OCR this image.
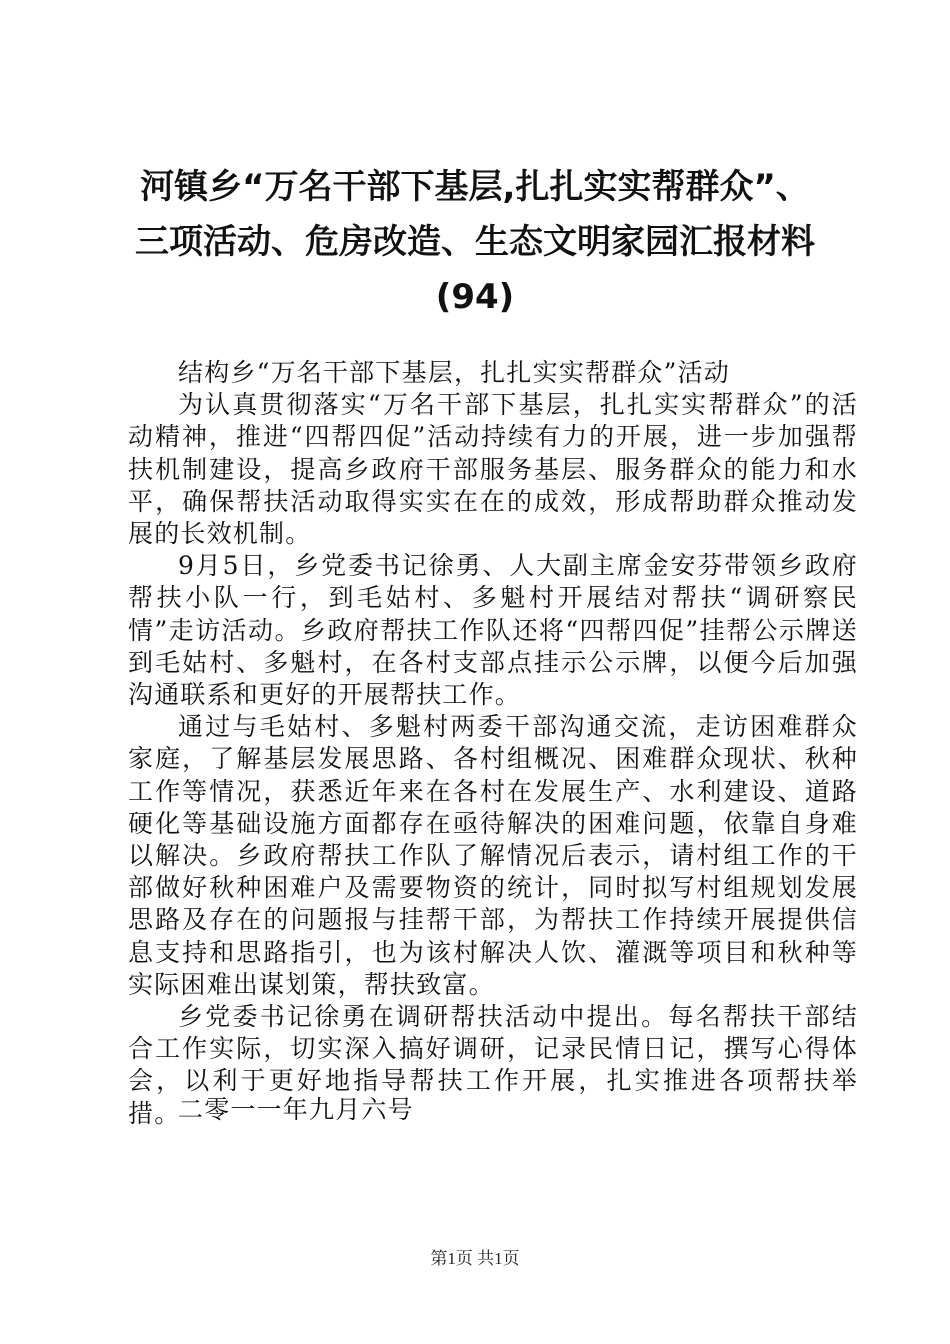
河镇乡“万名干部下基层,扎扎实实帮群众”、
三项活动、危房改造、生态文明家园汇报材料
(94)

结构乡“万名干部下基层，扎扎实实帮群众”活动

为认真贯彻落实“万名干部下基层，扎扎实实帮群众”的活动精神，推进“四帮四促”活动持续有力的开展，进一步加强帮扶机制建设，提高乡政府干部服务基层、服务群众的能力和水平，确保帮扶活动取得实实在在的成效，形成帮助群众推动发展的长效机制。

9月5日，乡党委书记徐勇、人大副主席金安芬带领乡政府帮扶小队一行，到毛姑村、多魁村开展结对帮扶“调研察民情”走访活动。乡政府帮扶工作队还将“四帮四促”挂帮公示牌送到毛姑村、多魁村，在各村支部点挂示公示牌，以便今后加强沟通联系和更好的开展帮扶工作。

通过与毛姑村、多魁村两委干部沟通交流，走访困难群众家庭，了解基层发展思路、各村组概况、困难群众现状、秋种工作等情况，获悉近年来在各村在发展生产、水利建设、道路硬化等基础设施方面都存在亟待解决的困难问题，依靠自身难以解决。乡政府帮扶工作队了解情况后表示，请村组工作的干部做好秋种困难户及需要物资的统计，同时拟写村组规划发展思路及存在的问题报与挂帮干部，为帮扶工作持续开展提供信息支持和思路指引，也为该村解决人饮、灌溉等项目和秋种等实际困难出谋划策，帮扶致富。

乡党委书记徐勇在调研帮扶活动中提出。每名帮扶干部结合工作实际，切实深入搞好调研，记录民情日记，撰写心得体会，以利于更好地指导帮扶工作开展，扎实推进各项帮扶举措。

二零一一年九月六号
第1页 共1页
